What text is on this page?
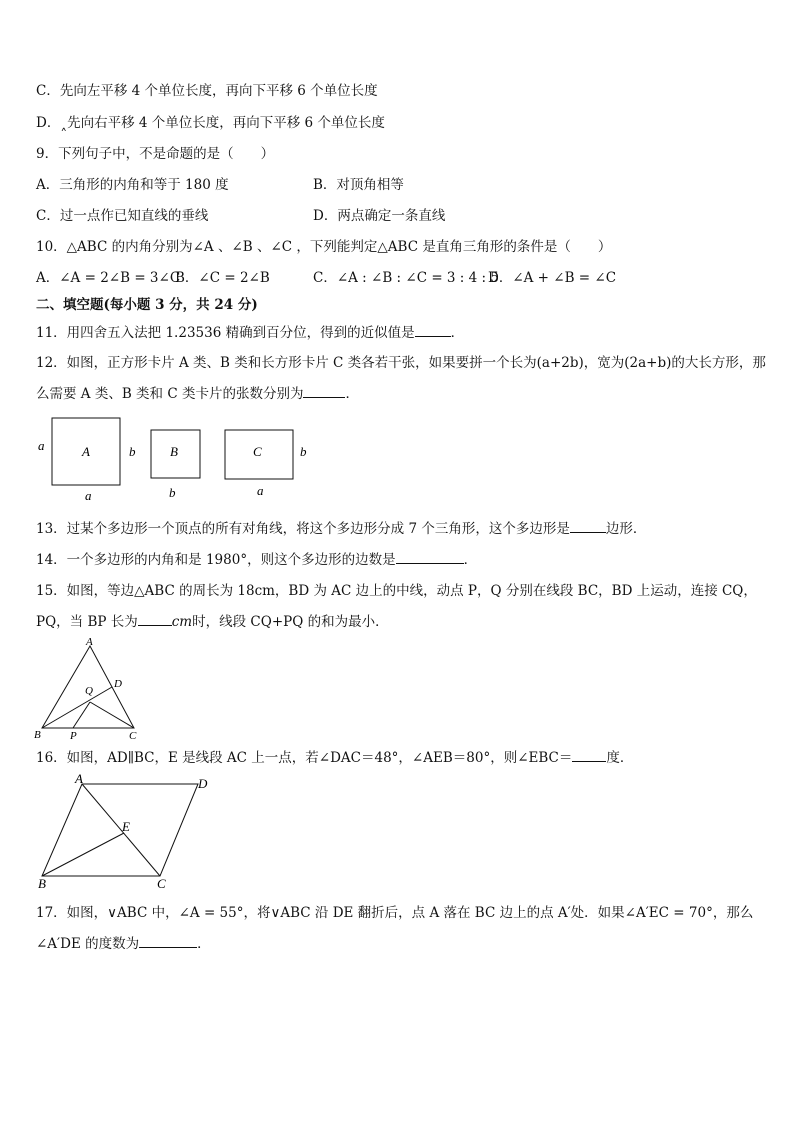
C．先向左平移 4 个单位长度，再向下平移 6 个单位长度
D．˰先向右平移 4 个单位长度，再向下平移 6 个单位长度
9．下列句子中，不是命题的是（　　）
A．三角形的内角和等于 180 度	B．对顶角相等
C．过一点作已知直线的垂线	D．两点确定一条直线
10．△ABC 的内角分别为∠A 、∠B 、∠C ，下列能判定△ABC 是直角三角形的条件是（　　）
A．∠A = 2∠B = 3∠C
B．∠C = 2∠B	C．∠A : ∠B : ∠C = 3 : 4 : 5
D．∠A + ∠B = ∠C
二、填空题(每小题 3 分，共 24 分)
11．用四舍五入法把 1.23536 精确到百分位，得到的近似值是	．
12．如图，正方形卡片 A 类、B 类和长方形卡片 C 类各若干张，如果要拼一个长为(a+2b)，宽为(2a+b)的大长方形，那
么需要 A 类、B 类和 C 类卡片的张数分别为	．
A
a
a
B
b
b
C	b
a
13．过某个多边形一个顶点的所有对角线，将这个多边形分成 7 个三角形，这个多边形是	边形．
14．一个多边形的内角和是 1980°，则这个多边形的边数是	．
15．如图，等边△ABC 的周长为 18cm，BD 为 AC 边上的中线，动点 P，Q 分别在线段 BC，BD 上运动，连接 CQ，
PQ，当 BP 长为	cm时，线段 CQ+PQ 的和为最小．
A
B	C
D
P
Q
16．如图，AD∥BC，E 是线段 AC 上一点，若∠DAC＝48°，∠AEB＝80°，则∠EBC＝	度．
A	D
E
B	C
17．如图，∨ABC 中，∠A = 55°，将∨ABC 沿 DE 翻折后，点 A 落在 BC 边上的点 A′处．如果∠A′EC = 70°，那么
∠A′DE 的度数为	．
